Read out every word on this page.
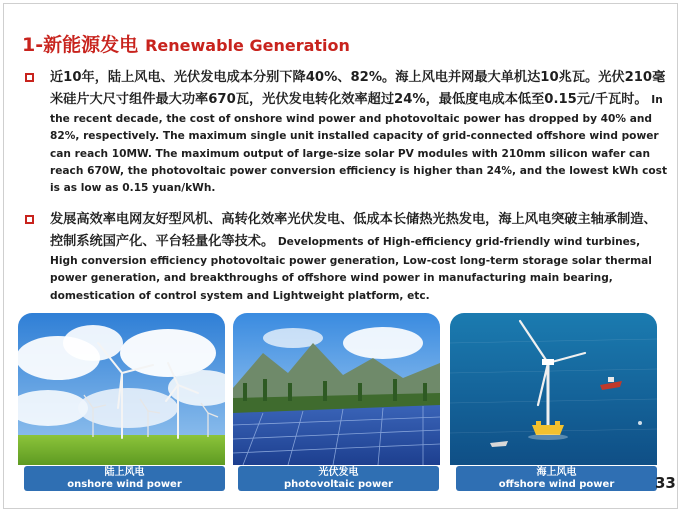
1-新能源发电 Renewable Generation
近10年，陆上风电、光伏发电成本分别下降40%、82%。海上风电并网最大单机达10兆瓦。光伏210毫米硅片大尺寸组件最大功率670瓦，光伏发电转化效率超过24%，最低度电成本低至0.15元/千瓦时。 In the recent decade, the cost of onshore wind power and photovoltaic power has dropped by 40% and 82%, respectively. The maximum single unit installed capacity of grid-connected offshore wind power can reach 10MW. The maximum output of large-size solar PV modules with 210mm silicon wafer can reach 670W, the photovoltaic power conversion efficiency is higher than 24%, and the lowest kWh cost is as low as 0.15 yuan/kWh.
发展高效率电网友好型风机、高转化效率光伏发电、低成本长储热光热发电，海上风电突破主轴承制造、控制系统国产化、平台轻量化等技术。 Developments of High-efficiency grid-friendly wind turbines, High conversion efficiency photovoltaic power generation, Low-cost long-term storage solar thermal power generation, and breakthroughs of offshore wind power in manufacturing main bearing, domestication of control system and Lightweight platform, etc.
陆上风电
onshore wind power
光伏发电
photovoltaic power
海上风电
offshore wind power	33
